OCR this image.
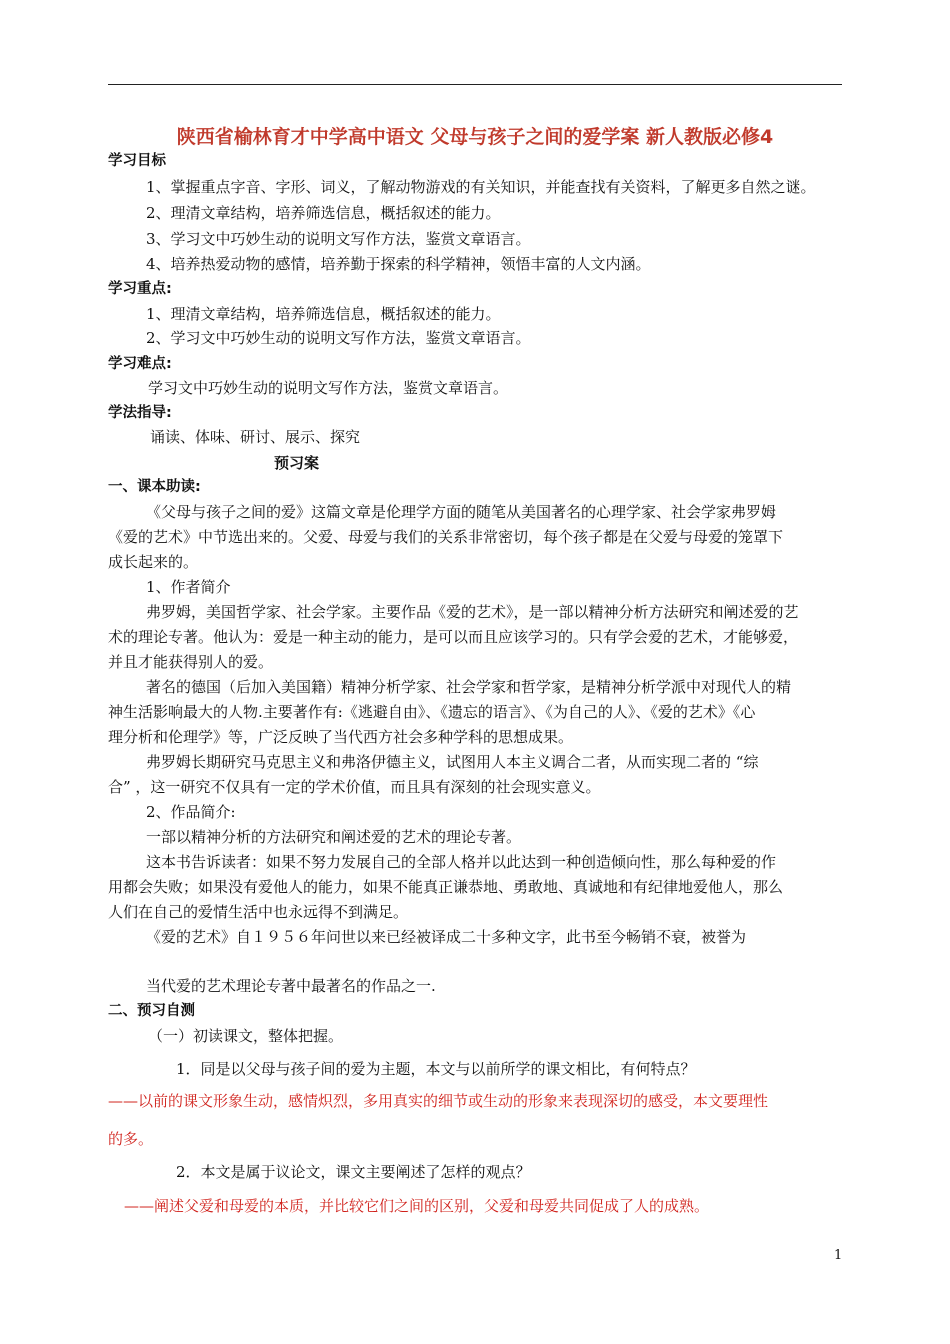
陕西省榆林育才中学高中语文 父母与孩子之间的爱学案 新人教版必修4
学习目标
1、掌握重点字音、字形、词义，了解动物游戏的有关知识，并能查找有关资料，了解更多自然之谜。
2、理清文章结构，培养筛选信息，概括叙述的能力。
3、学习文中巧妙生动的说明文写作方法，鉴赏文章语言。
4、培养热爱动物的感情，培养勤于探索的科学精神，领悟丰富的人文内涵。
学习重点:
1、理清文章结构，培养筛选信息，概括叙述的能力。
2、学习文中巧妙生动的说明文写作方法，鉴赏文章语言。
学习难点:
学习文中巧妙生动的说明文写作方法，鉴赏文章语言。
学法指导:
诵读、体味、研讨、展示、探究
预习案
一、课本助读:
《父母与孩子之间的爱》这篇文章是伦理学方面的随笔从美国著名的心理学家、社会学家弗罗姆
《爱的艺术》中节选出来的。父爱、母爱与我们的关系非常密切，每个孩子都是在父爱与母爱的笼罩下
成长起来的。
1、作者简介
弗罗姆，美国哲学家、社会学家。主要作品《爱的艺术》，是一部以精神分析方法研究和阐述爱的艺
术的理论专著。他认为：爱是一种主动的能力，是可以而且应该学习的。只有学会爱的艺术，才能够爱，
并且才能获得别人的爱。
著名的德国（后加入美国籍）精神分析学家、社会学家和哲学家，是精神分析学派中对现代人的精
神生活影响最大的人物.主要著作有:《逃避自由》、《遗忘的语言》、《为自己的人》、《爱的艺术》《心
理分析和伦理学》等，广泛反映了当代西方社会多种学科的思想成果。
弗罗姆长期研究马克思主义和弗洛伊德主义，试图用人本主义调合二者，从而实现二者的 “综
合” ，这一研究不仅具有一定的学术价值，而且具有深刻的社会现实意义。
2、作品简介:
一部以精神分析的方法研究和阐述爱的艺术的理论专著。
这本书告诉读者：如果不努力发展自己的全部人格并以此达到一种创造倾向性，那么每种爱的作
用都会失败；如果没有爱他人的能力，如果不能真正谦恭地、勇敢地、真诚地和有纪律地爱他人，那么
人们在自己的爱情生活中也永远得不到满足。
《爱的艺术》自１９５６年问世以来已经被译成二十多种文字，此书至今畅销不衰，被誉为
当代爱的艺术理论专著中最著名的作品之一.
二、预习自测
（一）初读课文，整体把握。
1．同是以父母与孩子间的爱为主题，本文与以前所学的课文相比，有何特点？
——以前的课文形象生动，感情炽烈，多用真实的细节或生动的形象来表现深切的感受，本文要理性
的多。
2．本文是属于议论文，课文主要阐述了怎样的观点？
——阐述父爱和母爱的本质，并比较它们之间的区别，父爱和母爱共同促成了人的成熟。
1
